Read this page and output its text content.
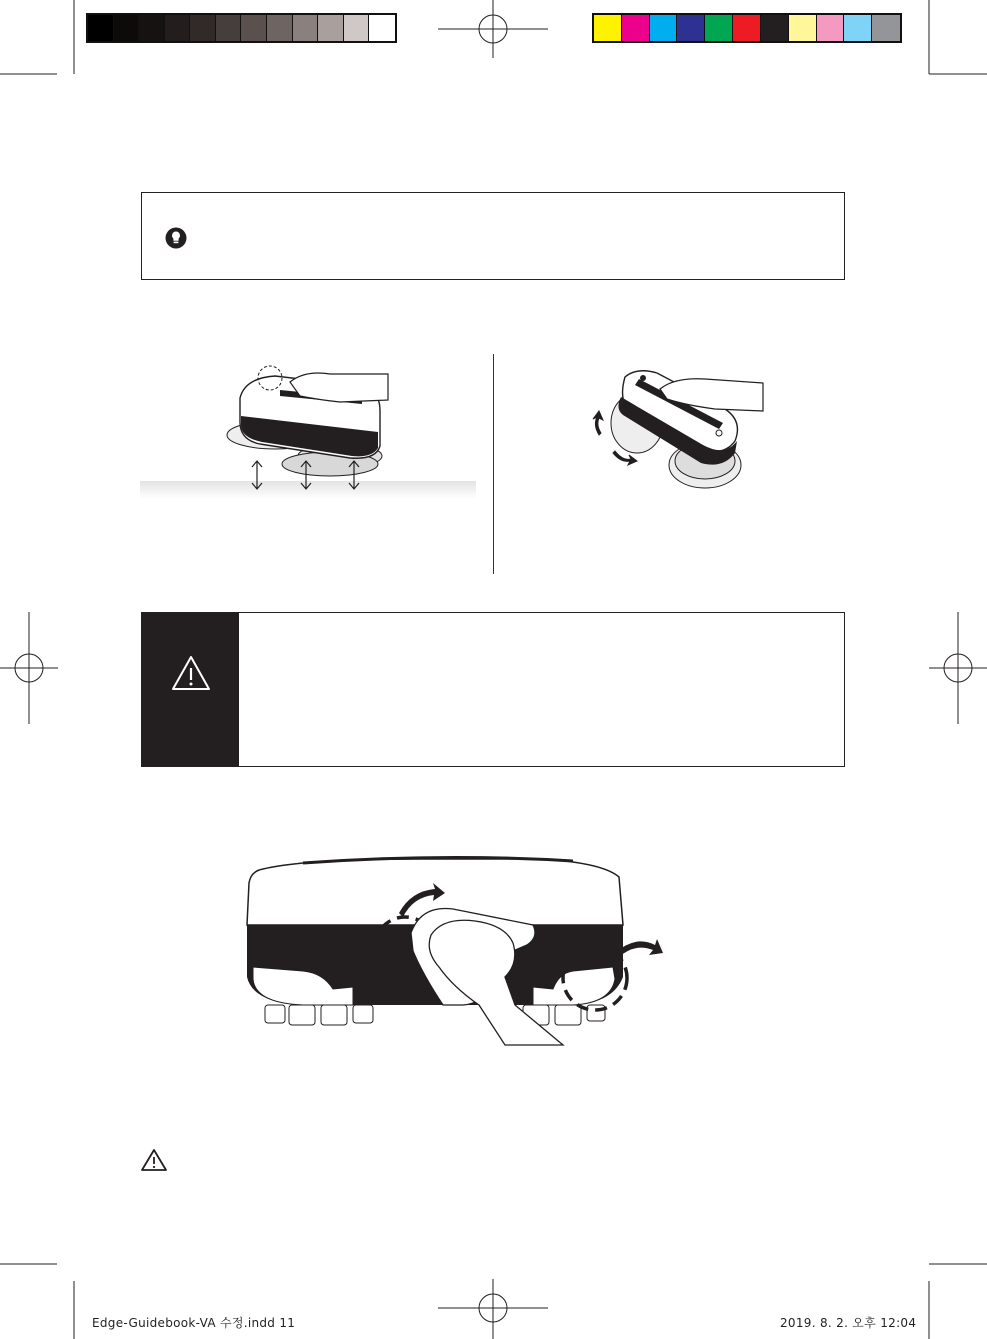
Edge-Guidebook-VA 수정.indd 11	2019. 8. 2. 오후 12:04
